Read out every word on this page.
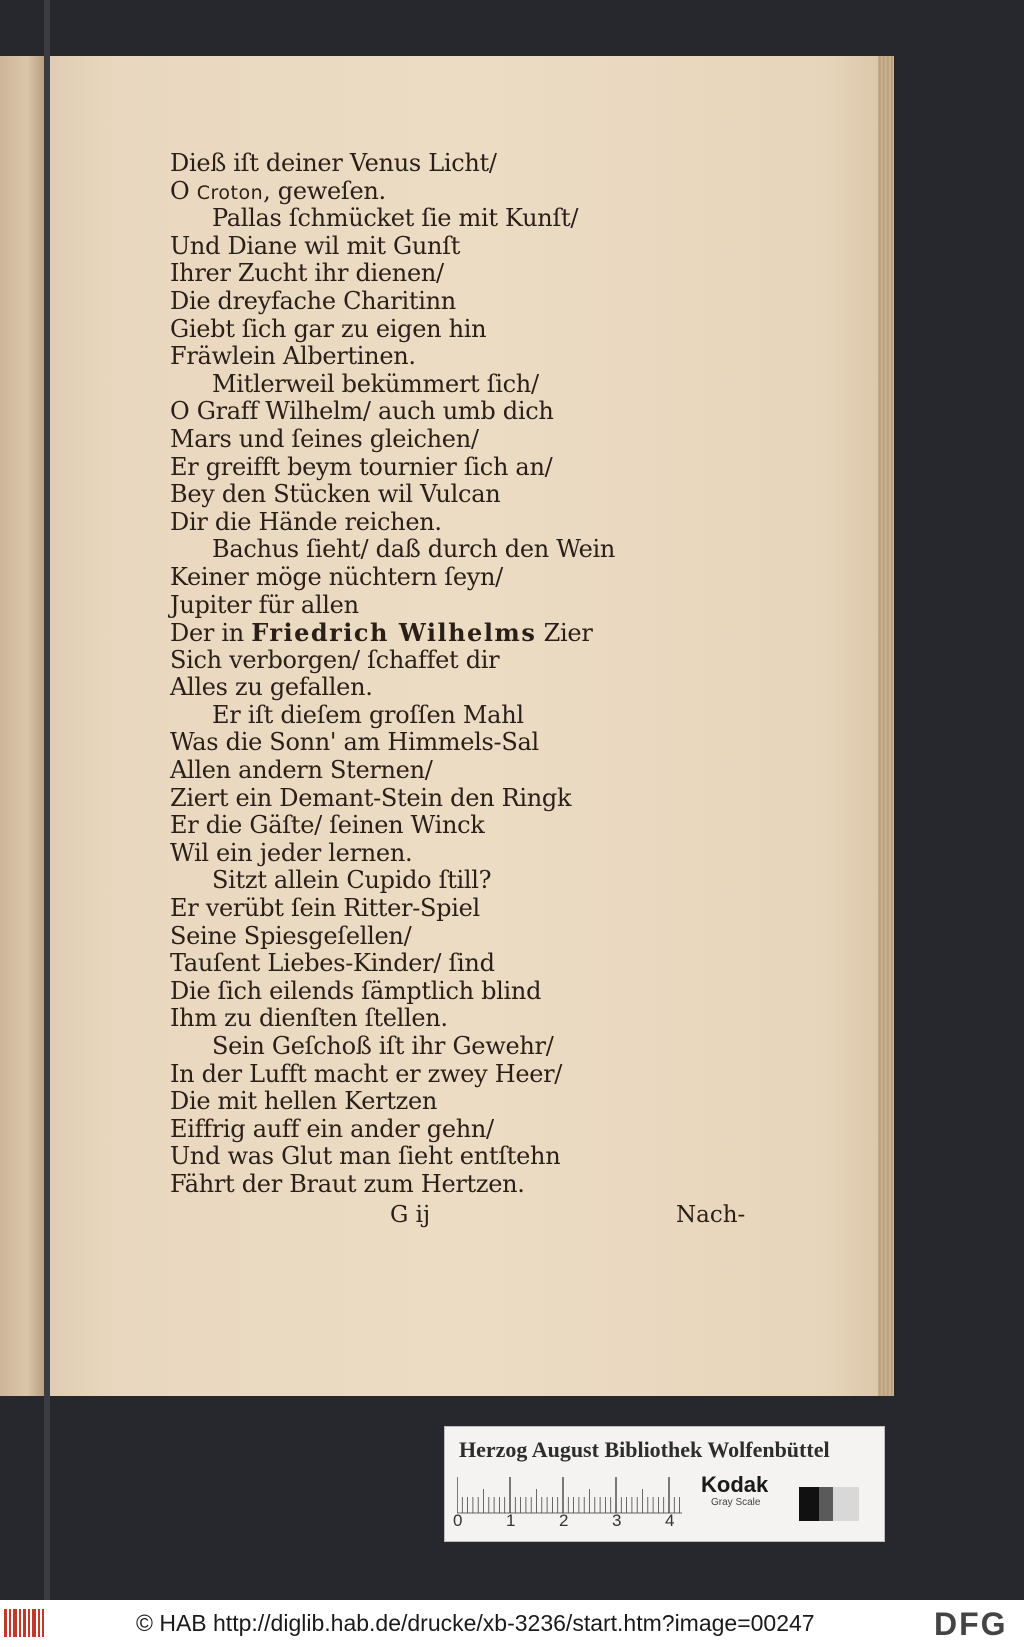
Dieß iſt deiner Venus Licht/
O Croton, geweſen.
Pallas ſchmücket ſie mit Kunſt/
Und Diane wil mit Gunſt
Ihrer Zucht ihr dienen/
Die dreyfache Charitinn
Giebt ſich gar zu eigen hin
Fräwlein Albertinen.
Mitlerweil bekümmert ſich/
O Graff Wilhelm/ auch umb dich
Mars und ſeines gleichen/
Er greifft beym tournier ſich an/
Bey den Stücken wil Vulcan
Dir die Hände reichen.
Bachus ſieht/ daß durch den Wein
Keiner möge nüchtern ſeyn/
Jupiter für allen
Der in Friedrich Wilhelms Zier
Sich verborgen/ ſchaffet dir
Alles zu gefallen.
Er iſt dieſem groſſen Mahl
Was die Sonn' am Himmels-Sal
Allen andern Sternen/
Ziert ein Demant-Stein den Ringk
Er die Gäſte/ ſeinen Winck
Wil ein jeder lernen.
Sitzt allein Cupido ſtill?
Er verübt ſein Ritter-Spiel
Seine Spiesgeſellen/
Tauſent Liebes-Kinder/ ſind
Die ſich eilends ſämptlich blind
Ihm zu dienſten ſtellen.
Sein Geſchoß iſt ihr Gewehr/
In der Lufft macht er zwey Heer/
Die mit hellen Kertzen
Eiffrig auff ein ander gehn/
Und was Glut man ſieht entſtehn
Fährt der Braut zum Hertzen.
G ij	Nach-
Herzog August Bibliothek Wolfenbüttel
0	1	2	3	4
Kodak
Gray Scale
© HAB http://diglib.hab.de/drucke/xb-3236/start.htm?image=00247	DFG
